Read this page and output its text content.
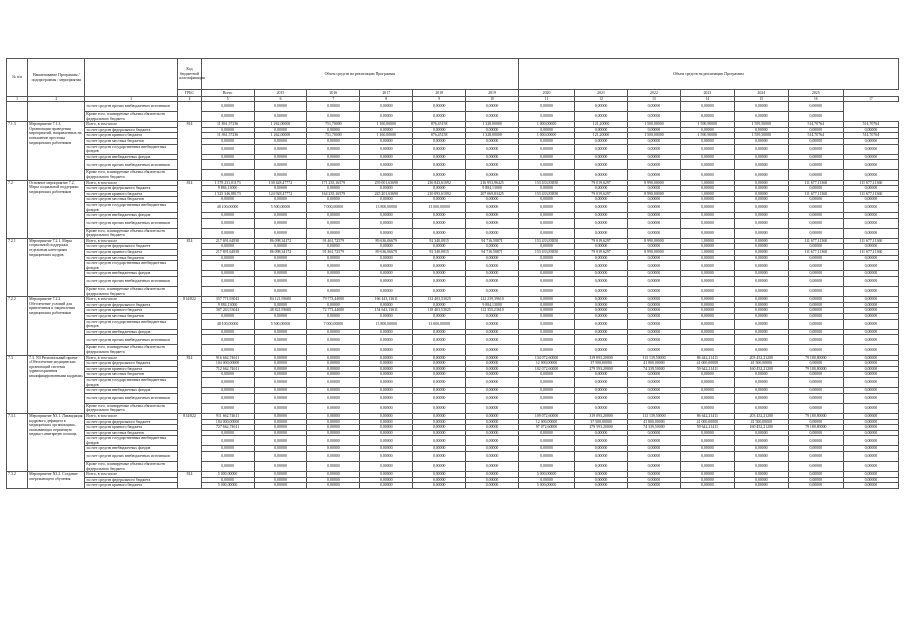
№ п/п	Наименование Программы / подпрограммы / мероприятия		Код бюджетной классификации	Объем средств на реализацию Программы						Объем средств на реализацию Программы						
			ГРБС	Всего	2015	2016	2017	2018	2019	2020	2021	2022	2023	2024	2025	
1	2	3	4	5	6	7	8	9	10	11	12	13	14	15	16	17
		за счет средств прочих внебюджетных источников		0,00000	0,00000	0,00000	0,00000	0,00000	0,00000	0,00000	0,00000	0,00000	0,00000	0,00000	0,00000	
		Кроме того, планируемые объемы обязательств федерального бюджета		0,00000	0,00000	0,00000	0,00000	0,00000	0,00000	0,00000	0,00000	0,00000	0,00000	0,00000	0,00000	
7.1.3	Мероприятие 7.1.3. Организация проведения мероприятий, направленных на повышение престижа медицинских работников	Всего, в том числе	814	11 861,57236	1 262,00000	751,70000	1 160,00000	876,45158	1 328,00000	1 000,00000	121,20000	1 500,00000	1 590,90000	1 559,50000	514,70764	514,70764
		за счет средств федерального бюджета		0,00000	0,00000	0,00000	0,00000	0,00000	0,00000	0,00000	0,00000	0,00000	0,00000	0,00000	0,00000	0,00000
		за счет средств краевого бюджета		11 861,57236	1 262,00000	751,70000	1 160,00000	876,45158	1 328,00000	1 000,00000	121,20000	1 500,00000	1 590,90000	1 559,50000	514,70764	514,70764
		за счет средств местных бюджетов		0,00000	0,00000	0,00000	0,00000	0,00000	0,00000	0,00000	0,00000	0,00000	0,00000	0,00000	0,00000	0,00000
		за счет средств государственных внебюджетных фондов		0,00000	0,00000	0,00000	0,00000	0,00000	0,00000	0,00000	0,00000	0,00000	0,00000	0,00000	0,00000	0,00000
		за счет средств внебюджетных фондов		0,00000	0,00000	0,00000	0,00000	0,00000	0,00000	0,00000	0,00000	0,00000	0,00000	0,00000	0,00000	0,00000
		за счет средств прочих внебюджетных источников		0,00000	0,00000	0,00000	0,00000	0,00000	0,00000	0,00000	0,00000	0,00000	0,00000	0,00000	0,00000	0,00000
		Кроме того, планируемые объемы обязательств федерального бюджета		0,00000	0,00000	0,00000	0,00000	0,00000	0,00000	0,00000	0,00000	0,00000	0,00000	0,00000	0,00000	0,00000
7.2	Основное мероприятие 7.2. Меры социальной поддержки медицинских работников	Всего, в том числе	814	1 578 231,01173	130 428,47772	171 235,16579	259 001,63690	236 843,61092	216 953,96425	153 433,83850	79 019,6297	8 990,00000	1,00000	0,00000	111 677,11360	111 677,11360
		за счет средств федерального бюджета		9 884,13000	0,00000	0,00000	0,00000	0,00000	9 884,13000	0,00000	0,00000	0,00000	0,00000	0,00000	0,00000	0,00000
		за счет средств краевого бюджета		1 525 346,88173	124 928,47772	164 235,16579	245 201,63690	210 093,61092	207 069,83425	153 433,83850	79 019,6297	8 990,00000	1,00000	0,00000	111 677,11360	111 677,11360
		за счет средств местных бюджетов		0,00000	0,00000	0,00000	0,00000	0,00000	0,00000	0,00000	0,00000	0,00000	0,00000	0,00000	0,00000	0,00000
		за счет средств государственных внебюджетных фондов		48 100,00000	5 500,00000	7 000,00000	13 800,00000	13 000,00000	0,00000	0,00000	0,00000	0,00000	0,00000	0,00000	0,00000	0,00000
		за счет средств внебюджетных фондов		0,00000	0,00000	0,00000	0,00000	0,00000	0,00000	0,00000	0,00000	0,00000	0,00000	0,00000	0,00000	0,00000
		за счет средств прочих внебюджетных источников		0,00000	0,00000	0,00000	0,00000	0,00000	0,00000	0,00000	0,00000	0,00000	0,00000	0,00000	0,00000	0,00000
		Кроме того, планируемые объемы обязательств федерального бюджета		0,00000	0,00000	0,00000	0,00000	0,00000	0,00000	0,00000	0,00000	0,00000	0,00000	0,00000	0,00000	0,00000
7.2.1	Мероприятие 7.2.1. Меры социальной поддержки отдельным категориям медицинских кадров	Всего, в том числе	814	217 691,64930	86 098,34172	91 461,72579	89 636,06679	92 340,0815	94 716,58871	153 433,83850	79 019,6297	8 990,00000	1,00000	0,00000	111 677,11360	111 677,11360
		за счет средств федерального бюджета		0,00000	0,00000	0,00000	0,00000	0,00000	0,00000	0,00000	0,00000	0,00000	0,00000	0,00000	0,00000	0,00000
		за счет средств краевого бюджета		217 691,64930	86 098,34172	91 461,72579	89 636,06679	92 340,0815	94 716,58871	153 433,83850	79 019,6297	8 990,00000	1,00000	0,00000	111 677,11360	111 677,11360
		за счет средств местных бюджетов		0,00000	0,00000	0,00000	0,00000	0,00000	0,00000	0,00000	0,00000	0,00000	0,00000	0,00000	0,00000	0,00000
		за счет средств государственных внебюджетных фондов		0,00000	0,00000	0,00000	0,00000	0,00000	0,00000	0,00000	0,00000	0,00000	0,00000	0,00000	0,00000	0,00000
		за счет средств внебюджетных фондов		0,00000	0,00000	0,00000	0,00000	0,00000	0,00000	0,00000	0,00000	0,00000	0,00000	0,00000	0,00000	0,00000
		за счет средств прочих внебюджетных источников		0,00000	0,00000	0,00000	0,00000	0,00000	0,00000	0,00000	0,00000	0,00000	0,00000	0,00000	0,00000	0,00000
		Кроме того, планируемые объемы обязательств федерального бюджета		0,00000	0,00000	0,00000	0,00000	0,00000	0,00000	0,00000	0,00000	0,00000	0,00000	0,00000	0,00000	0,00000
7.2.2	Мероприятие 7.2.2. Обеспечение условий для привлечения и закрепления медицинских работников	Всего, в том числе	814/822	357 771,93043	84 121,93600	79 773,44000	166 443,13611	132 403,53025	122 239,39610	0,00000	0,00000	0,00000	0,00000	0,00000	0,00000	0,00000
		за счет средств федерального бюджета		9 884,13000	0,00000	0,00000	0,00000	0,00000	9 884,13000	0,00000	0,00000	0,00000	0,00000	0,00000	0,00000	0,00000
		за счет средств краевого бюджета		307 263,53043	48 821,93600	72 773,44000	154 643,13611	118 403,53025	112 355,23610	0,00000	0,00000	0,00000	0,00000	0,00000	0,00000	0,00000
		за счет средств местных бюджетов		0,00000	0,00000	0,00000	0,00000	0,00000	0,00000	0,00000	0,00000	0,00000	0,00000	0,00000	0,00000	0,00000
		за счет средств государственных внебюджетных фондов		48 100,00000	5 500,00000	7 000,00000	13 800,00000	13 000,00000	0,00000	0,00000	0,00000	0,00000	0,00000	0,00000	0,00000	0,00000
		за счет средств внебюджетных фондов		0,00000	0,00000	0,00000	0,00000	0,00000	0,00000	0,00000	0,00000	0,00000	0,00000	0,00000	0,00000	0,00000
		за счет средств прочих внебюджетных источников		0,00000	0,00000	0,00000	0,00000	0,00000	0,00000	0,00000	0,00000	0,00000	0,00000	0,00000	0,00000	0,00000
		Кроме того, планируемые объемы обязательств федерального бюджета		0,00000	0,00000	0,00000	0,00000	0,00000	0,00000	0,00000	0,00000	0,00000	0,00000	0,00000	0,00000	0,00000
7.3	7.3. N3 Региональный проект «Обеспечение медицинских организаций системы здравоохранения квалифицированными кадрами»	Всего, в том числе	814	916 662,74611	0,00000	0,00000	0,00000	0,00000	0,00000	134 072,60000	319 093,20000	113 139,50000	86 442,21411	203 452,21200	79 180,80000	0,00000
		за счет средств федерального бюджета		104 000,00000	0,00000	0,00000	0,00000	0,00000	0,00000	12 000,00000	37 500,00000	41 800,00000	41 000,00000	41 500,00000	0,00000	0,00000
		за счет средств краевого бюджета		712 662,74611	0,00000	0,00000	0,00000	0,00000	0,00000	102 072,60000	279 593,20000	74 339,50000	59 642,21411	160 452,21200	79 180,80000	0,00000
		за счет средств местных бюджетов		0,00000	0,00000	0,00000	0,00000	0,00000	0,00000	0,00000	0,00000	0,00000	0,00000	0,00000	0,00000	0,00000
		за счет средств государственных внебюджетных фондов		0,00000	0,00000	0,00000	0,00000	0,00000	0,00000	0,00000	0,00000	0,00000	0,00000	0,00000	0,00000	0,00000
		за счет средств внебюджетных фондов		0,00000	0,00000	0,00000	0,00000	0,00000	0,00000	0,00000	0,00000	0,00000	0,00000	0,00000	0,00000	0,00000
		за счет средств прочих внебюджетных источников		0,00000	0,00000	0,00000	0,00000	0,00000	0,00000	0,00000	0,00000	0,00000	0,00000	0,00000	0,00000	0,00000
		Кроме того, планируемые объемы обязательств федерального бюджета		0,00000	0,00000	0,00000	0,00000	0,00000	0,00000	0,00000	0,00000	0,00000	0,00000	0,00000	0,00000	0,00000
7.3.1	Мероприятие N3.1. Ликвидация кадрового дефицита в медицинских организациях, оказывающих первичную медико-санитарную помощь	Всего, в том числе	814/822	911 662,74611	0,00000	0,00000	0,00000	0,00000	0,00000	109 072,60000	319 093,20000	113 139,50000	86 642,21411	203 452,21200	79 180,80000	0,00000
		за счет средств федерального бюджета		184 000,00000	0,00000	0,00000	0,00000	0,00000	0,00000	12 000,00000	37 500,00000	41 800,00000	41 000,00000	41 500,00000	0,00000	0,00000
		за счет средств краевого бюджета		727 662,74611	0,00000	0,00000	0,00000	0,00000	0,00000	97 072,60000	279 593,20000	74 339,50000	59 642,21411	160 452,21200	79 180,80000	0,00000
		за счет средств местных бюджетов		0,00000	0,00000	0,00000	0,00000	0,00000	0,00000	0,00000	0,00000	0,00000	0,00000	0,00000	0,00000	0,00000
		за счет средств государственных внебюджетных фондов		0,00000	0,00000	0,00000	0,00000	0,00000	0,00000	0,00000	0,00000	0,00000	0,00000	0,00000	0,00000	0,00000
		за счет средств внебюджетных фондов		0,00000	0,00000	0,00000	0,00000	0,00000	0,00000	0,00000	0,00000	0,00000	0,00000	0,00000	0,00000	0,00000
		за счет средств прочих внебюджетных источников		0,00000	0,00000	0,00000	0,00000	0,00000	0,00000	0,00000	0,00000	0,00000	0,00000	0,00000	0,00000	0,00000
		Кроме того, планируемые объемы обязательств федерального бюджета		0,00000	0,00000	0,00000	0,00000	0,00000	0,00000	0,00000	0,00000	0,00000	0,00000	0,00000	0,00000	0,00000
7.3.2	Мероприятие N3.2. Создание опережающего обучения	Всего, в том числе	814	5 000,00000	0,00000	0,00000	0,00000	0,00000	0,00000	5 000,00000	0,00000	0,00000	0,00000	0,00000	0,00000	0,00000
		за счет средств федерального бюджета		0,00000	0,00000	0,00000	0,00000	0,00000	0,00000	0,00000	0,00000	0,00000	0,00000	0,00000	0,00000	0,00000
		за счет средств краевого бюджета		5 000,00000	0,00000	0,00000	0,00000	0,00000	0,00000	5 000,00000	0,00000	0,00000	0,00000	0,00000	0,00000	0,00000
